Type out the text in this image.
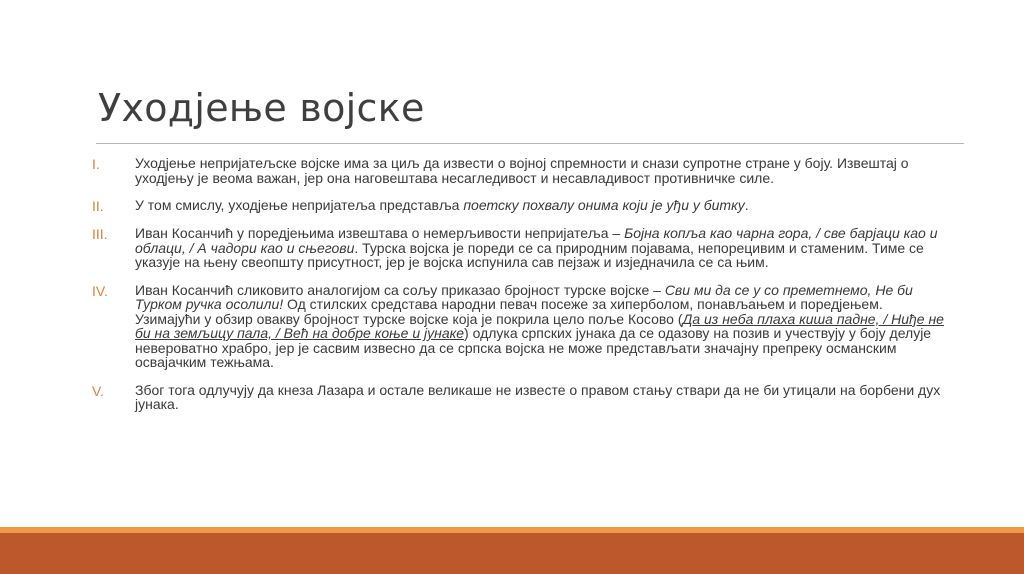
Уходјење војске
I.	Уходјење непријатељске војске има за циљ да извести о војној спремности и снази супротне стране у боју. Извештај о уходјењу је веома важан, јер она наговештава несагледивост и несавладивост противничке силе.
II.	У том смислу, уходјење непријатеља представља поетску похвалу онима који је уђи у битку.
III.	Иван Косанчић у поредјењима извештава о немерљивости непријатеља – Бојна копља као чарна гора, / све барјаци као и облаци, / А чадори као и сњегови. Турска војска је пореди се са природним појавама, непорецивим и стаменим. Тиме се указује на њену свеопшту присутност, јер је војска испунила сав пејзаж и изједначила се са њим.
IV.	Иван Косанчић сликовито аналогијом са сољу приказао бројност турске војске – Сви ми да се у со преметнемо, Не би Турком ручка осолили! Од стилских средстава народни певач посеже за хиперболом, понављањем и поредјењем. Узимајући у обзир овакву бројност турске војске која је покрила цело поље Косово (Да из неба плаха киша падне, / Ниђе не би на земљицу пала, / Већ на добре коње и јунаке) одлука српских јунака да се одазову на позив и учествују у боју делује невероватно храбро, јер је сасвим извесно да се српска војска не може представљати значајну препреку османским освајачким тежњама.
V.	Због тога одлучују да кнеза Лазара и остале великаше не известе о правом стању ствари да не би утицали на борбени дух јунака.
